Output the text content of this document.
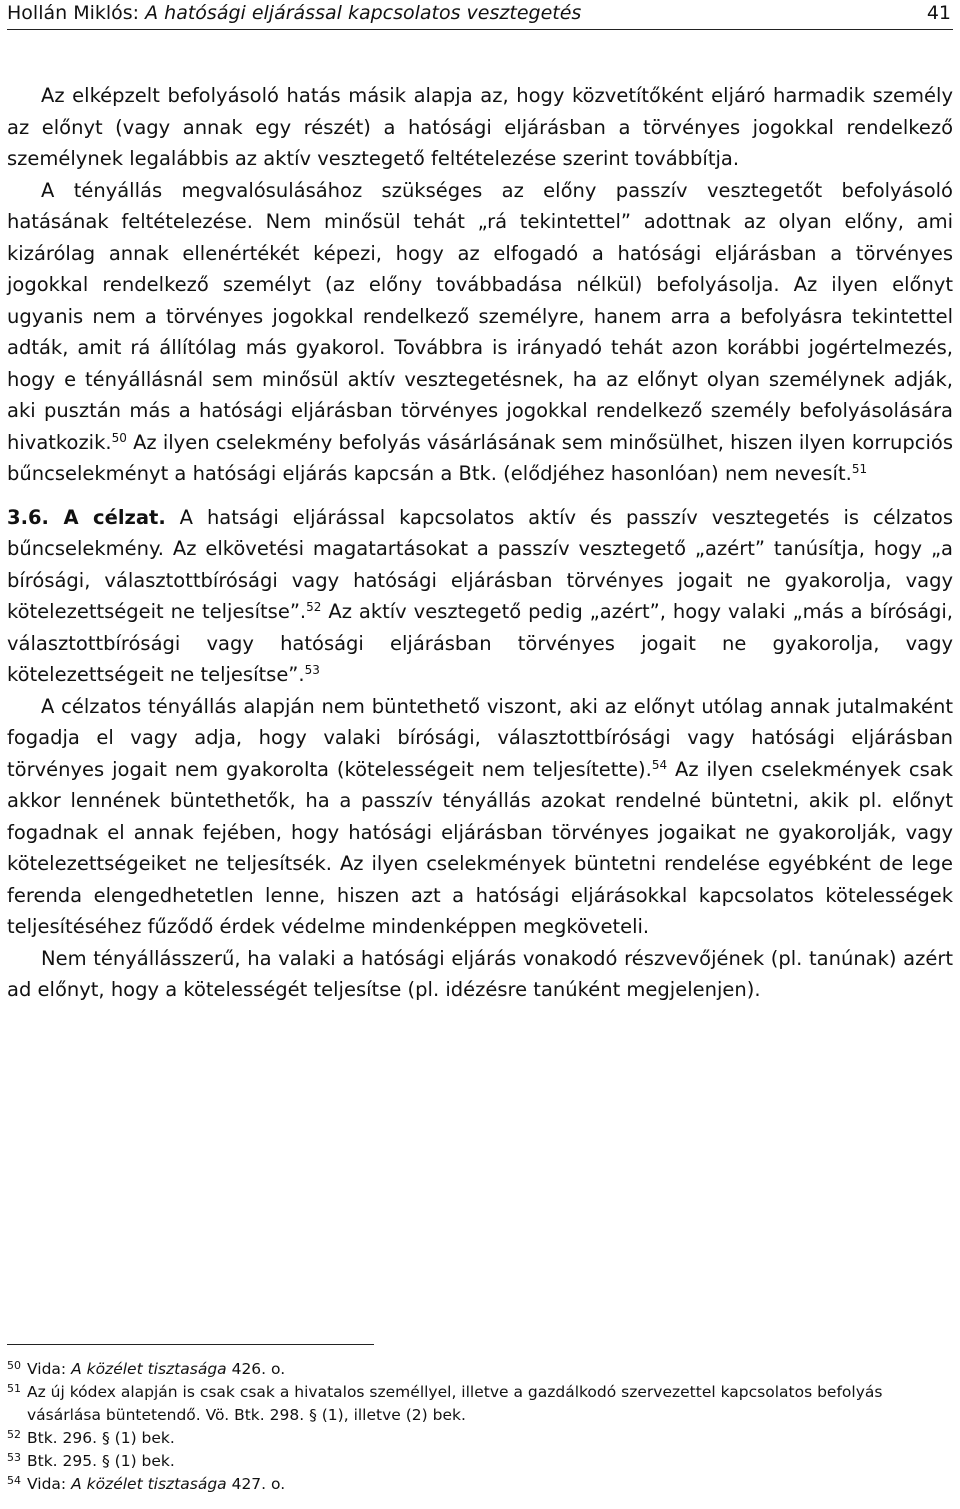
Hollán Miklós: A hatósági eljárással kapcsolatos vesztegetés	41

Az elképzelt befolyásoló hatás másik alapja az, hogy közvetítőként eljáró harmadik személy az előnyt (vagy annak egy részét) a hatósági eljárásban a törvényes jogokkal rendelkező személynek legalábbis az aktív vesztegető feltételezése szerint továbbítja.

A tényállás megvalósulásához szükséges az előny passzív vesztegetőt befolyásoló hatásának feltételezése. Nem minősül tehát „rá tekintettel” adottnak az olyan előny, ami kizárólag annak ellenértékét képezi, hogy az elfogadó a hatósági eljárásban a törvényes jogokkal rendelkező személyt (az előny továbbadása nélkül) befolyásolja. Az ilyen előnyt ugyanis nem a törvényes jogokkal rendelkező személyre, hanem arra a befolyásra tekintettel adták, amit rá állítólag más gyakorol. Továbbra is irányadó tehát azon korábbi jogértelmezés, hogy e tényállásnál sem minősül aktív vesztegetésnek, ha az előnyt olyan személynek adják, aki pusztán más a hatósági eljárásban törvényes jogokkal rendelkező személy befolyásolására hivatkozik.$^{50}$ Az ilyen cselekmény befolyás vásárlásának sem minősülhet, hiszen ilyen korrupciós bűncselekményt a hatósági eljárás kapcsán a Btk. (elődjéhez hasonlóan) nem nevesít.$^{51}$

3.6. A célzat. A hatsági eljárással kapcsolatos aktív és passzív vesztegetés is célzatos bűncselekmény. Az elkövetési magatartásokat a passzív vesztegető „azért” tanúsítja, hogy „a bírósági, választottbírósági vagy hatósági eljárásban törvényes jogait ne gyakorolja, vagy kötelezettségeit ne teljesítse”.$^{52}$ Az aktív vesztegető pedig „azért”, hogy valaki „más a bírósági, választottbírósági vagy hatósági eljárásban törvényes jogait ne gyakorolja, vagy kötelezettségeit ne teljesítse”.$^{53}$

A célzatos tényállás alapján nem büntethető viszont, aki az előnyt utólag annak jutalmaként fogadja el vagy adja, hogy valaki bírósági, választottbírósági vagy hatósági eljárásban törvényes jogait nem gyakorolta (kötelességeit nem teljesítette).$^{54}$ Az ilyen cselekmények csak akkor lennének büntethetők, ha a passzív tényállás azokat rendelné büntetni, akik pl. előnyt fogadnak el annak fejében, hogy hatósági eljárásban törvényes jogaikat ne gyakorolják, vagy kötelezettségeiket ne teljesítsék. Az ilyen cselekmények büntetni rendelése egyébként de lege ferenda elengedhetetlen lenne, hiszen azt a hatósági eljárásokkal kapcsolatos kötelességek teljesítéséhez fűződő érdek védelme mindenképpen megköveteli.

Nem tényállásszerű, ha valaki a hatósági eljárás vonakodó részvevőjének (pl. tanúnak) azért ad előnyt, hogy a kötelességét teljesítse (pl. idézésre tanúként megjelenjen).

50 Vida: A közélet tisztasága 426. o.
51 Az új kódex alapján is csak csak a hivatalos személlyel, illetve a gazdálkodó szervezettel kapcsolatos befolyás vásárlása büntetendő. Vö. Btk. 298. § (1), illetve (2) bek.
52 Btk. 296. § (1) bek.
53 Btk. 295. § (1) bek.
54 Vida: A közélet tisztasága 427. o.
